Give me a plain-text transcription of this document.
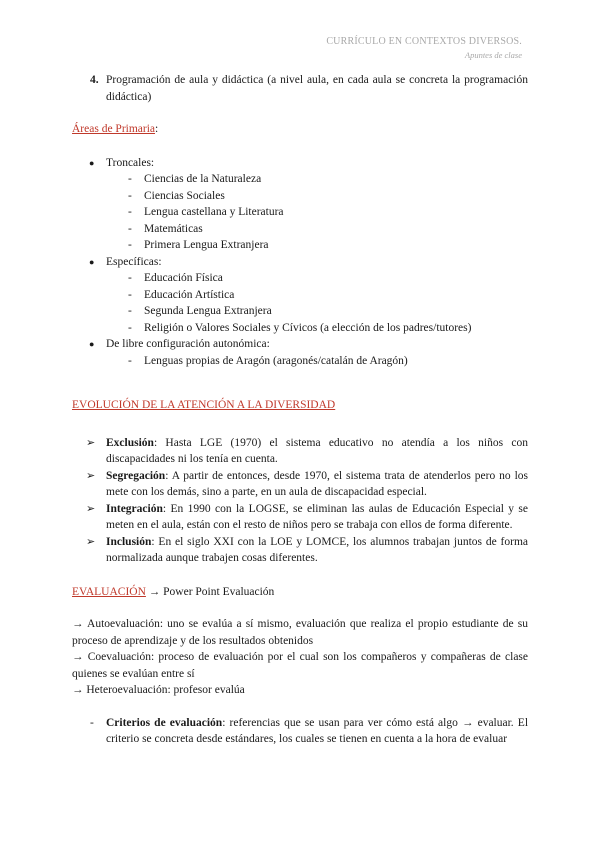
CURRÍCULO EN CONTEXTOS DIVERSOS.
Apuntes de clase
4. Programación de aula y didáctica (a nivel aula, en cada aula se concreta la programación didáctica)
Áreas de Primaria:
● Troncales:
- Ciencias de la Naturaleza
- Ciencias Sociales
- Lengua castellana y Literatura
- Matemáticas
- Primera Lengua Extranjera
● Específicas:
- Educación Física
- Educación Artística
- Segunda Lengua Extranjera
- Religión o Valores Sociales y Cívicos (a elección de los padres/tutores)
● De libre configuración autonómica:
- Lenguas propias de Aragón (aragonés/catalán de Aragón)
EVOLUCIÓN DE LA ATENCIÓN A LA DIVERSIDAD
➢ Exclusión: Hasta LGE (1970) el sistema educativo no atendía a los niños con discapacidades ni los tenía en cuenta.
➢ Segregación: A partir de entonces, desde 1970, el sistema trata de atenderlos pero no los mete con los demás, sino a parte, en un aula de discapacidad especial.
➢ Integración: En 1990 con la LOGSE, se eliminan las aulas de Educación Especial y se meten en el aula, están con el resto de niños pero se trabaja con ellos de forma diferente.
➢ Inclusión: En el siglo XXI con la LOE y LOMCE, los alumnos trabajan juntos de forma normalizada aunque trabajen cosas diferentes.
EVALUACIÓN → Power Point Evaluación
→ Autoevaluación: uno se evalúa a sí mismo, evaluación que realiza el propio estudiante de su proceso de aprendizaje y de los resultados obtenidos
→ Coevaluación: proceso de evaluación por el cual son los compañeros y compañeras de clase quienes se evalúan entre sí
→ Heteroevaluación: profesor evalúa
- Criterios de evaluación: referencias que se usan para ver cómo está algo → evaluar. El criterio se concreta desde estándares, los cuales se tienen en cuenta a la hora de evaluar
